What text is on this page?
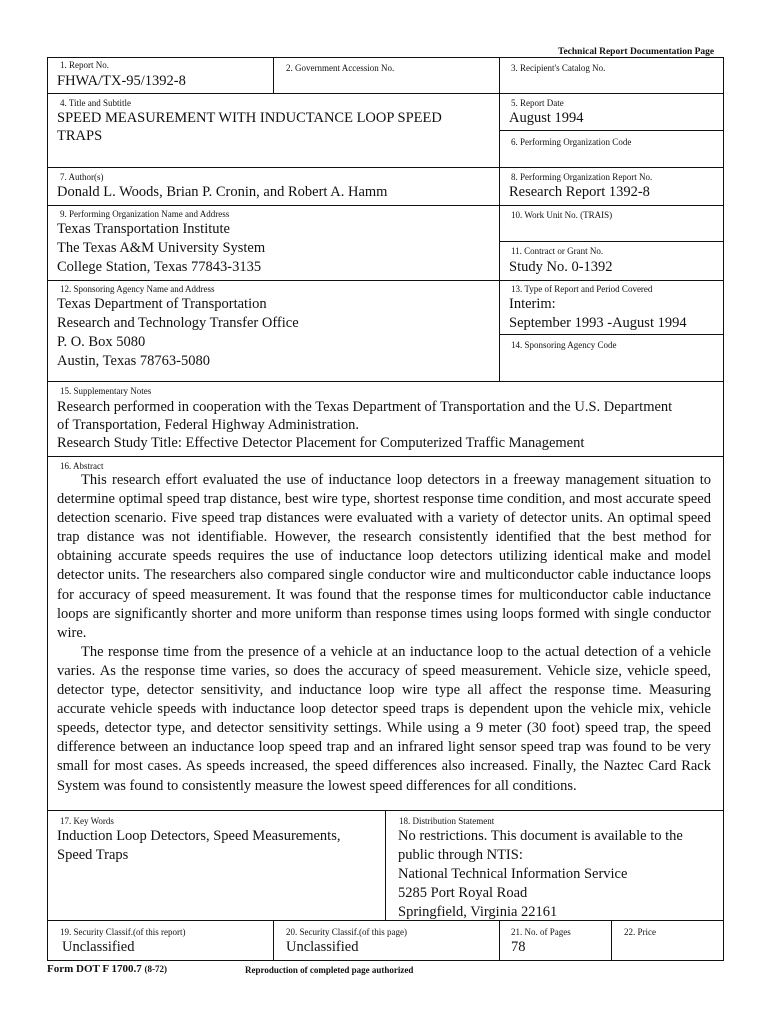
Technical Report Documentation Page
1. Report No.
FHWA/TX-95/1392-8
2. Government Accession No.	3. Recipient's Catalog No.
4. Title and Subtitle
SPEED MEASUREMENT WITH INDUCTANCE LOOP SPEED
TRAPS
5. Report Date
August 1994
6. Performing Organization Code
7. Author(s)
Donald L. Woods, Brian P. Cronin, and Robert A. Hamm
8. Performing Organization Report No.
Research Report 1392-8
9. Performing Organization Name and Address
Texas Transportation Institute
The Texas A&M University System
College Station, Texas 77843-3135
10. Work Unit No. (TRAIS)
11. Contract or Grant No.
Study No. 0-1392
12. Sponsoring Agency Name and Address
Texas Department of Transportation
Research and Technology Transfer Office
P. O. Box 5080
Austin, Texas 78763-5080
13. Type of Report and Period Covered
Interim:
September 1993 -August 1994
14. Sponsoring Agency Code
15. Supplementary Notes
Research performed in cooperation with the Texas Department of Transportation and the U.S. Department
of Transportation, Federal Highway Administration.
Research Study Title: Effective Detector Placement for Computerized Traffic Management
16. Abstract

This research effort evaluated the use of inductance loop detectors in a freeway management situation to determine optimal speed trap distance, best wire type, shortest response time condition, and most accurate speed detection scenario. Five speed trap distances were evaluated with a variety of detector units. An optimal speed trap distance was not identifiable. However, the research consistently identified that the best method for obtaining accurate speeds requires the use of inductance loop detectors utilizing identical make and model detector units. The researchers also compared single conductor wire and multiconductor cable inductance loops for accuracy of speed measurement. It was found that the response times for multiconductor cable inductance loops are significantly shorter and more uniform than response times using loops formed with single conductor wire.

The response time from the presence of a vehicle at an inductance loop to the actual detection of a vehicle varies. As the response time varies, so does the accuracy of speed measurement. Vehicle size, vehicle speed, detector type, detector sensitivity, and inductance loop wire type all affect the response time. Measuring accurate vehicle speeds with inductance loop detector speed traps is dependent upon the vehicle mix, vehicle speeds, detector type, and detector sensitivity settings. While using a 9 meter (30 foot) speed trap, the speed difference between an inductance loop speed trap and an infrared light sensor speed trap was found to be very small for most cases. As speeds increased, the speed differences also increased. Finally, the Naztec Card Rack System was found to consistently measure the lowest speed differences for all conditions.

17. Key Words
Induction Loop Detectors, Speed Measurements,
Speed Traps
18. Distribution Statement
No restrictions. This document is available to the
public through NTIS:
National Technical Information Service
5285 Port Royal Road
Springfield, Virginia 22161
19. Security Classif.(of this report)
Unclassified
20. Security Classif.(of this page)
Unclassified
21. No. of Pages
78
22. Price
Form DOT F 1700.7 (8-72)	Reproduction of completed page authorized
